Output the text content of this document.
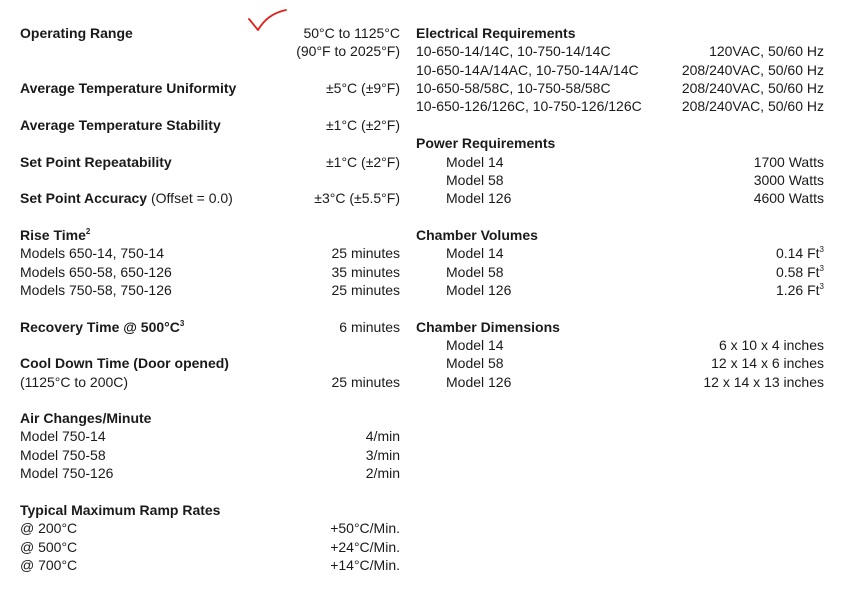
Operating Range	50°C to 1125°C
(90°F to 2025°F)
Average Temperature Uniformity	±5°C (±9°F)
Average Temperature Stability	±1°C (±2°F)
Set Point Repeatability	±1°C (±2°F)
Set Point Accuracy (Offset = 0.0)	±3°C (±5.5°F)
Rise Time$^2$
Models 650-14, 750-14	25 minutes
Models 650-58, 650-126	35 minutes
Models 750-58, 750-126	25 minutes
Recovery Time @ $500^\circ C^3$	6 minutes
Cool Down Time (Door opened)
(1125°C to 200C)	25 minutes
Air Changes/Minute
Model 750-14	4/min
Model 750-58	3/min
Model 750-126	2/min
Typical Maximum Ramp Rates
@ 200°C	+50°C/Min.
@ 500°C	+24°C/Min.
@ 700°C	+14°C/Min.
Electrical Requirements
10-650-14/14C, 10-750-14/14C	120VAC, 50/60 Hz
10-650-14A/14AC, 10-750-14A/14C	208/240VAC, 50/60 Hz
10-650-58/58C, 10-750-58/58C	208/240VAC, 50/60 Hz
10-650-126/126C, 10-750-126/126C	208/240VAC, 50/60 Hz
Power Requirements
Model 14	1700 Watts
Model 58	3000 Watts
Model 126	4600 Watts
Chamber Volumes
Model 14	0.14 Ft$^3$
Model 58	0.58 Ft$^3$
Model 126	1.26 Ft$^3$
Chamber Dimensions
Model 14	6 x 10 x 4 inches
Model 58	12 x 14 x 6 inches
Model 126	12 x 14 x 13 inches
